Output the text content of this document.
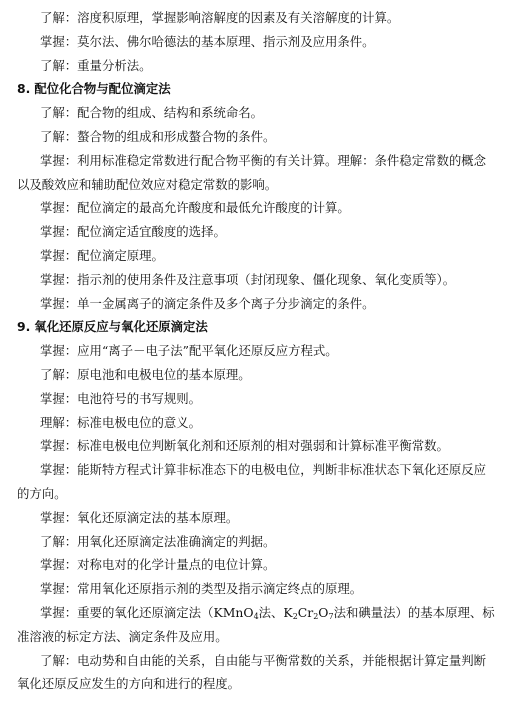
了解：溶度积原理，掌握影响溶解度的因素及有关溶解度的计算。

掌握：莫尔法、佛尔哈德法的基本原理、指示剂及应用条件。

了解：重量分析法。

8. 配位化合物与配位滴定法

了解：配合物的组成、结构和系统命名。

了解：螯合物的组成和形成螯合物的条件。

掌握：利用标准稳定常数进行配合物平衡的有关计算。理解：条件稳定常数的概念

以及酸效应和辅助配位效应对稳定常数的影响。

掌握：配位滴定的最高允许酸度和最低允许酸度的计算。

掌握：配位滴定适宜酸度的选择。

掌握：配位滴定原理。

掌握：指示剂的使用条件及注意事项（封闭现象、僵化现象、氧化变质等）。

掌握：单一金属离子的滴定条件及多个离子分步滴定的条件。

9. 氧化还原反应与氧化还原滴定法

掌握：应用“离子－电子法”配平氧化还原反应方程式。

了解：原电池和电极电位的基本原理。

掌握：电池符号的书写规则。

理解：标准电极电位的意义。

掌握：标准电极电位判断氧化剂和还原剂的相对强弱和计算标准平衡常数。

掌握：能斯特方程式计算非标准态下的电极电位，判断非标准状态下氧化还原反应

的方向。

掌握：氧化还原滴定法的基本原理。

了解：用氧化还原滴定法准确滴定的判据。

掌握：对称电对的化学计量点的电位计算。

掌握：常用氧化还原指示剂的类型及指示滴定终点的原理。

掌握：重要的氧化还原滴定法（KMnO$_4$法、$K_2Cr_2O_7$法和碘量法）的基本原理、标

准溶液的标定方法、滴定条件及应用。

了解：电动势和自由能的关系，自由能与平衡常数的关系，并能根据计算定量判断

氧化还原反应发生的方向和进行的程度。
